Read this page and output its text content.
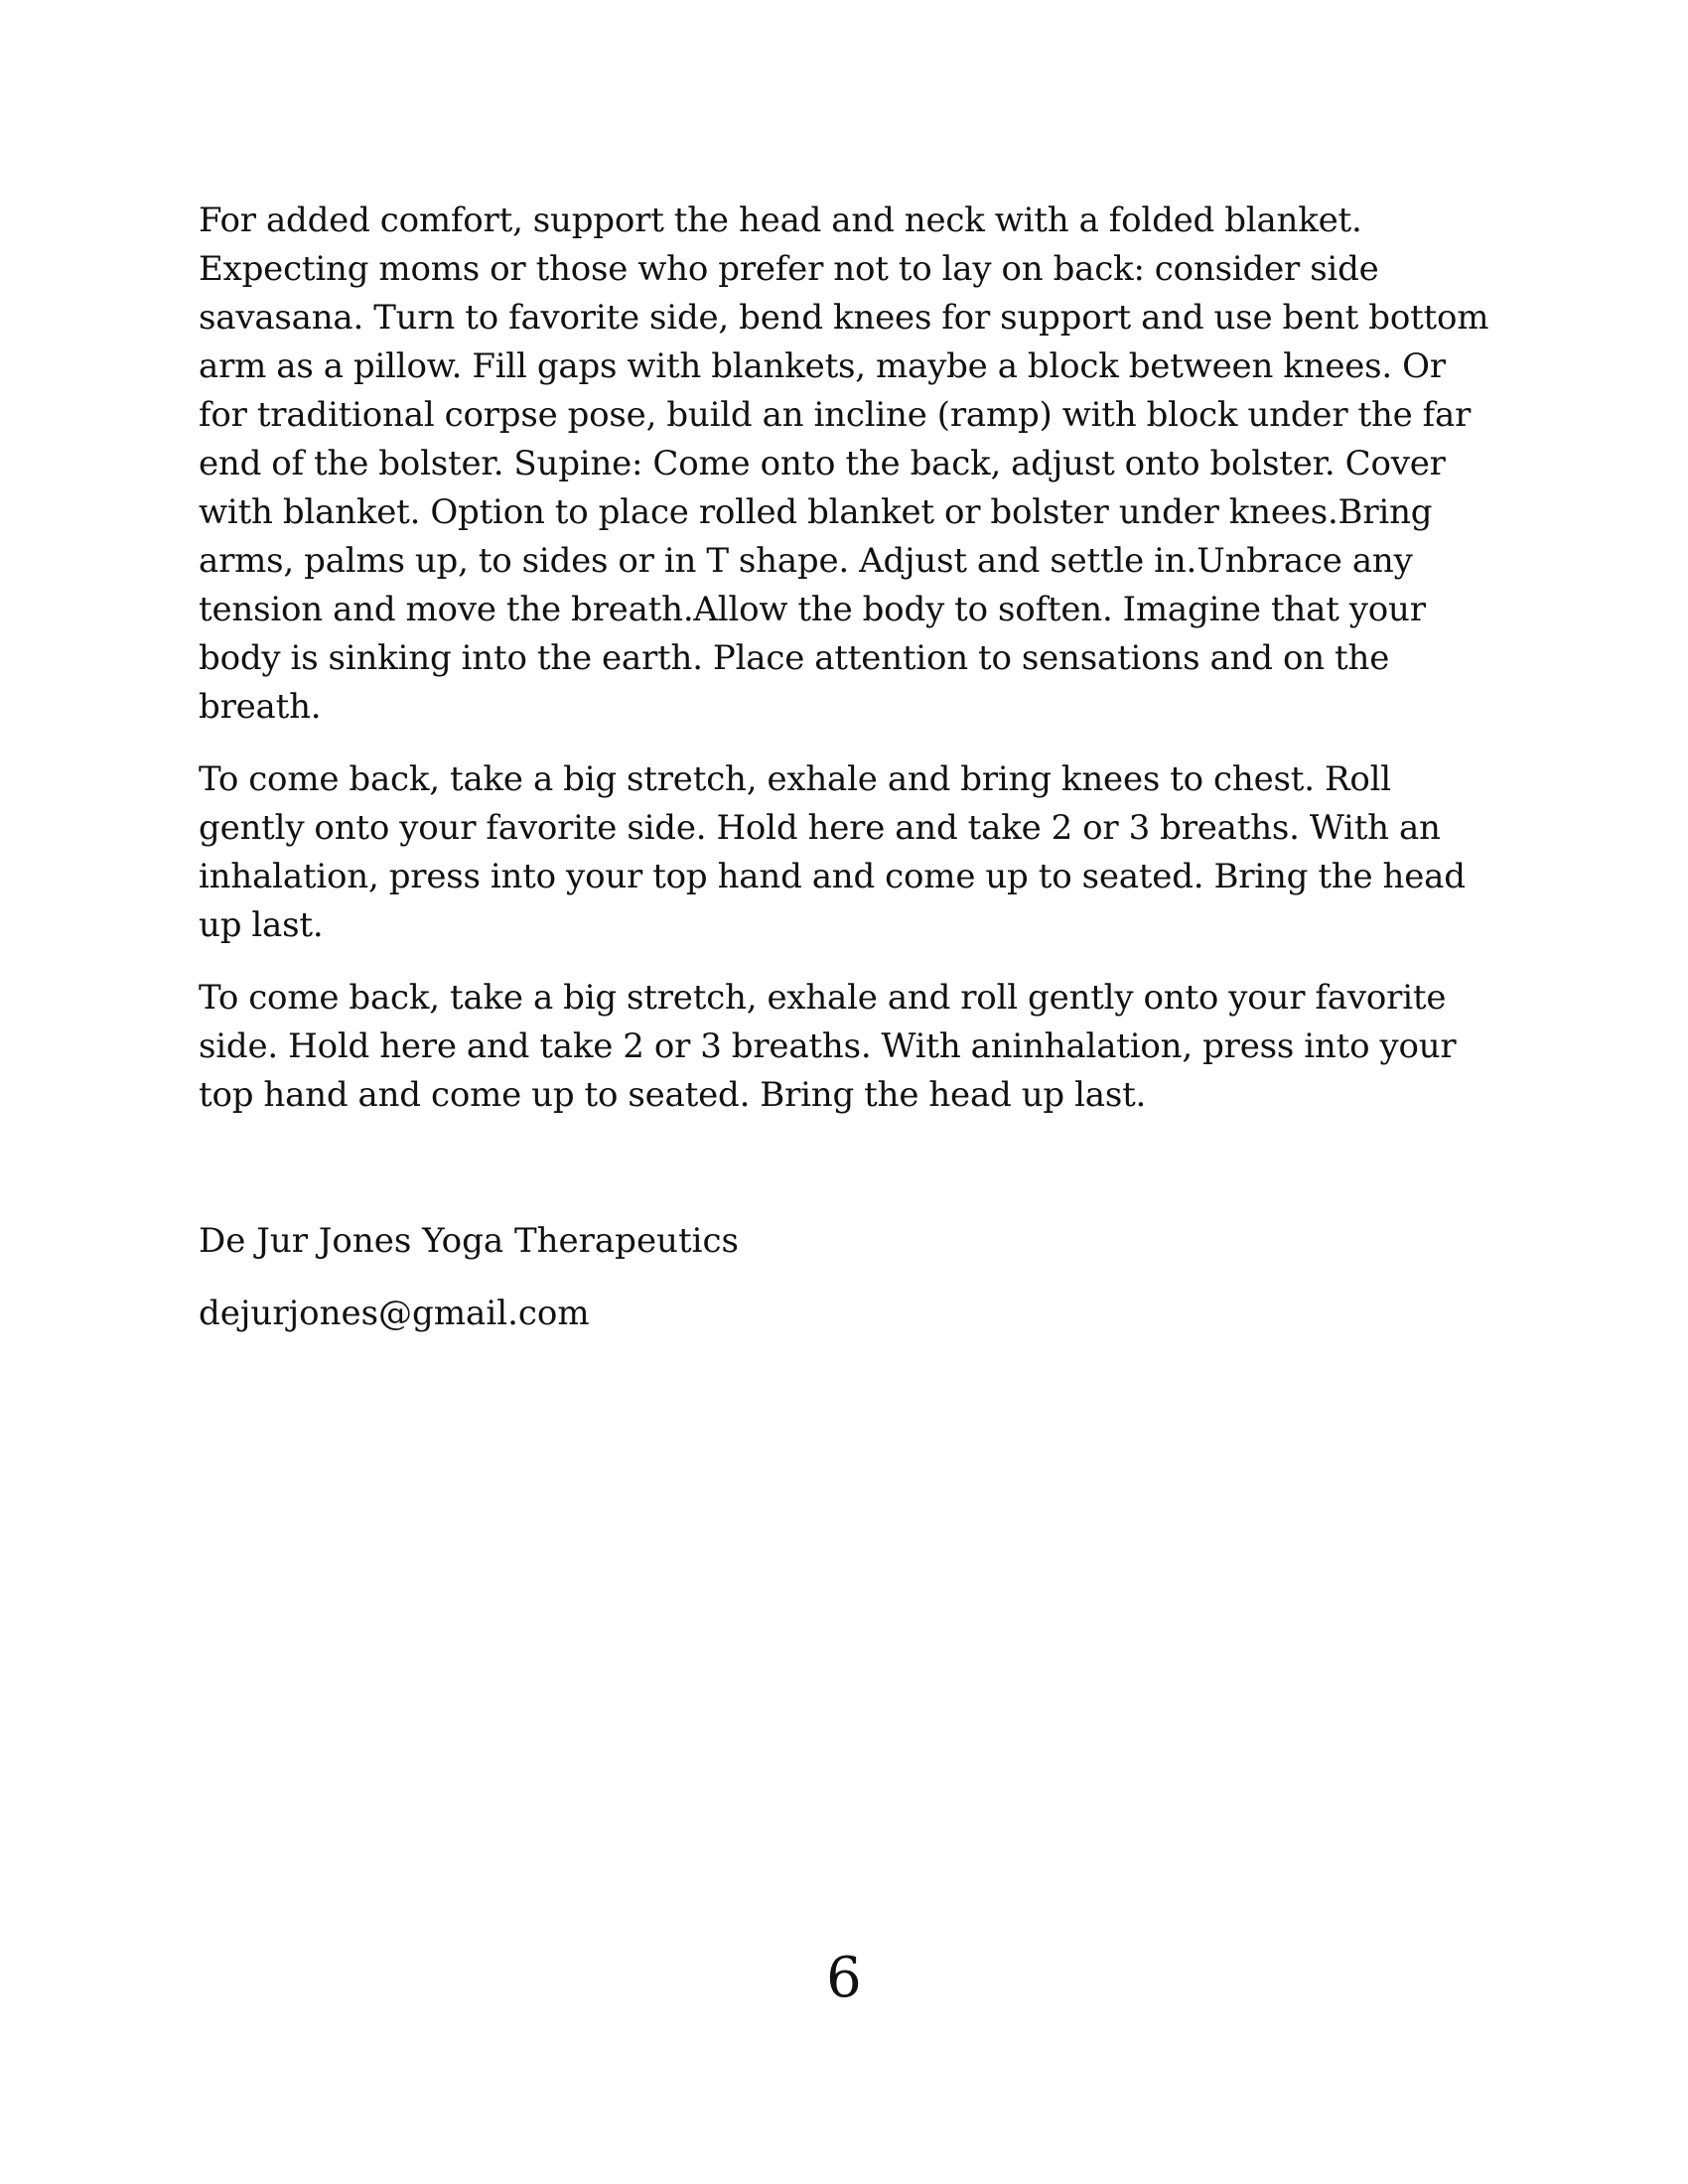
For added comfort, support the head and neck with a folded blanket. Expecting moms or those who prefer not to lay on back: consider side savasana. Turn to favorite side, bend knees for support and use bent bottom arm as a pillow. Fill gaps with blankets, maybe a block between knees. Or for traditional corpse pose, build an incline (ramp) with block under the far end of the bolster. Supine: Come onto the back, adjust onto bolster. Cover with blanket. Option to place rolled blanket or bolster under knees.Bring arms, palms up, to sides or in T shape. Adjust and settle in.Unbrace any tension and move the breath.Allow the body to soften. Imagine that your body is sinking into the earth. Place attention to sensations and on the breath.

To come back, take a big stretch, exhale and bring knees to chest. Roll gently onto your favorite side. Hold here and take 2 or 3 breaths. With an inhalation, press into your top hand and come up to seated. Bring the head up last.

To come back, take a big stretch, exhale and roll gently onto your favorite side. Hold here and take 2 or 3 breaths. With aninhalation, press into your top hand and come up to seated. Bring the head up last.

De Jur Jones Yoga Therapeutics

dejurjones@gmail.com

6
